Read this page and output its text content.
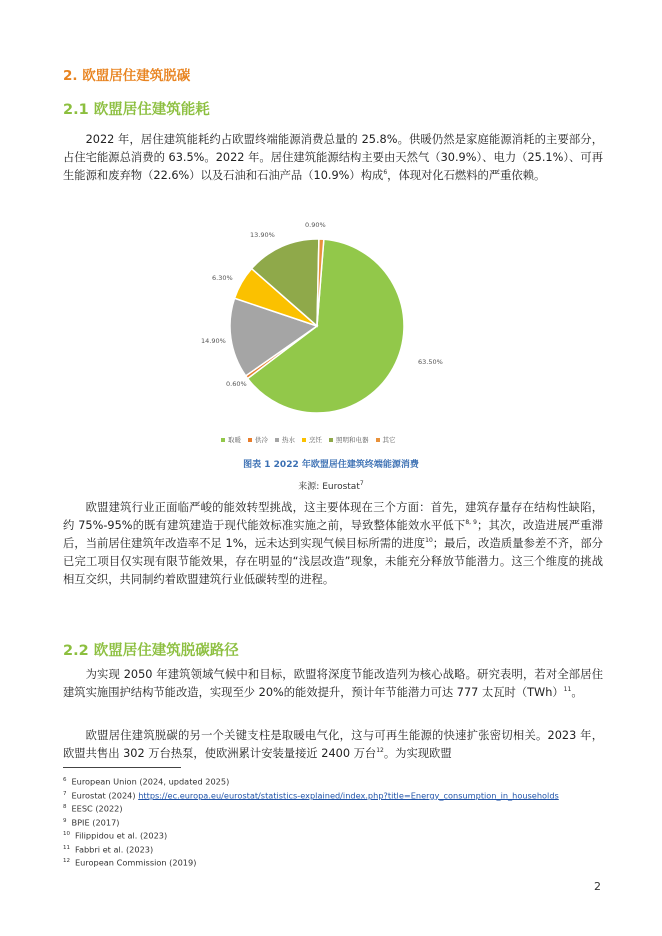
2. 欧盟居住建筑脱碳
2.1 欧盟居住建筑能耗

2022 年，居住建筑能耗约占欧盟终端能源消费总量的 25.8%。供暖仍然是家庭能源消耗的主要部分，占住宅能源总消费的 63.5%。2022 年。居住建筑能源结构主要由天然气（30.9%）、电力（25.1%）、可再生能源和废弃物（22.6%）以及石油和石油产品（10.9%）构成$^6$，体现对化石燃料的严重依赖。

63.50%
0.60%
14.90%
6.30%
13.90%
0.90%
取暖 供冷 热水 烹饪 照明和电器 其它
图表 1 2022 年欧盟居住建筑终端能源消费
来源: Eurostat$^7$

欧盟建筑行业正面临严峻的能效转型挑战，这主要体现在三个方面：首先，建筑存量存在结构性缺陷，约 75%-95%的既有建筑建造于现代能效标准实施之前，导致整体能效水平低下$^{8, 9}$；其次，改造进展严重滞后，当前居住建筑年改造率不足 1%，远未达到实现气候目标所需的进度$^{10}$；最后，改造质量参差不齐，部分已完工项目仅实现有限节能效果，存在明显的“浅层改造”现象，未能充分释放节能潜力。这三个维度的挑战相互交织，共同制约着欧盟建筑行业低碳转型的进程。

2.2 欧盟居住建筑脱碳路径

为实现 2050 年建筑领域气候中和目标，欧盟将深度节能改造列为核心战略。研究表明，若对全部居住建筑实施围护结构节能改造，实现至少 20%的能效提升，预计年节能潜力可达 777 太瓦时（TWh）$^{11}$。

欧盟居住建筑脱碳的另一个关键支柱是取暖电气化，这与可再生能源的快速扩张密切相关。2023 年，欧盟共售出 302 万台热泵，使欧洲累计安装量接近 2400 万台$^{12}$。为实现欧盟

$^6$ European Union (2024, updated 2025)
$^7$ Eurostat (2024) https://ec.europa.eu/eurostat/statistics-explained/index.php?title=Energy_consumption_in_households
$^8$ EESC (2022)
$^9$ BPIE (2017)
$^{10}$ Filippidou et al. (2023)
$^{11}$ Fabbri et al. (2023)
$^{12}$ European Commission (2019)
2
